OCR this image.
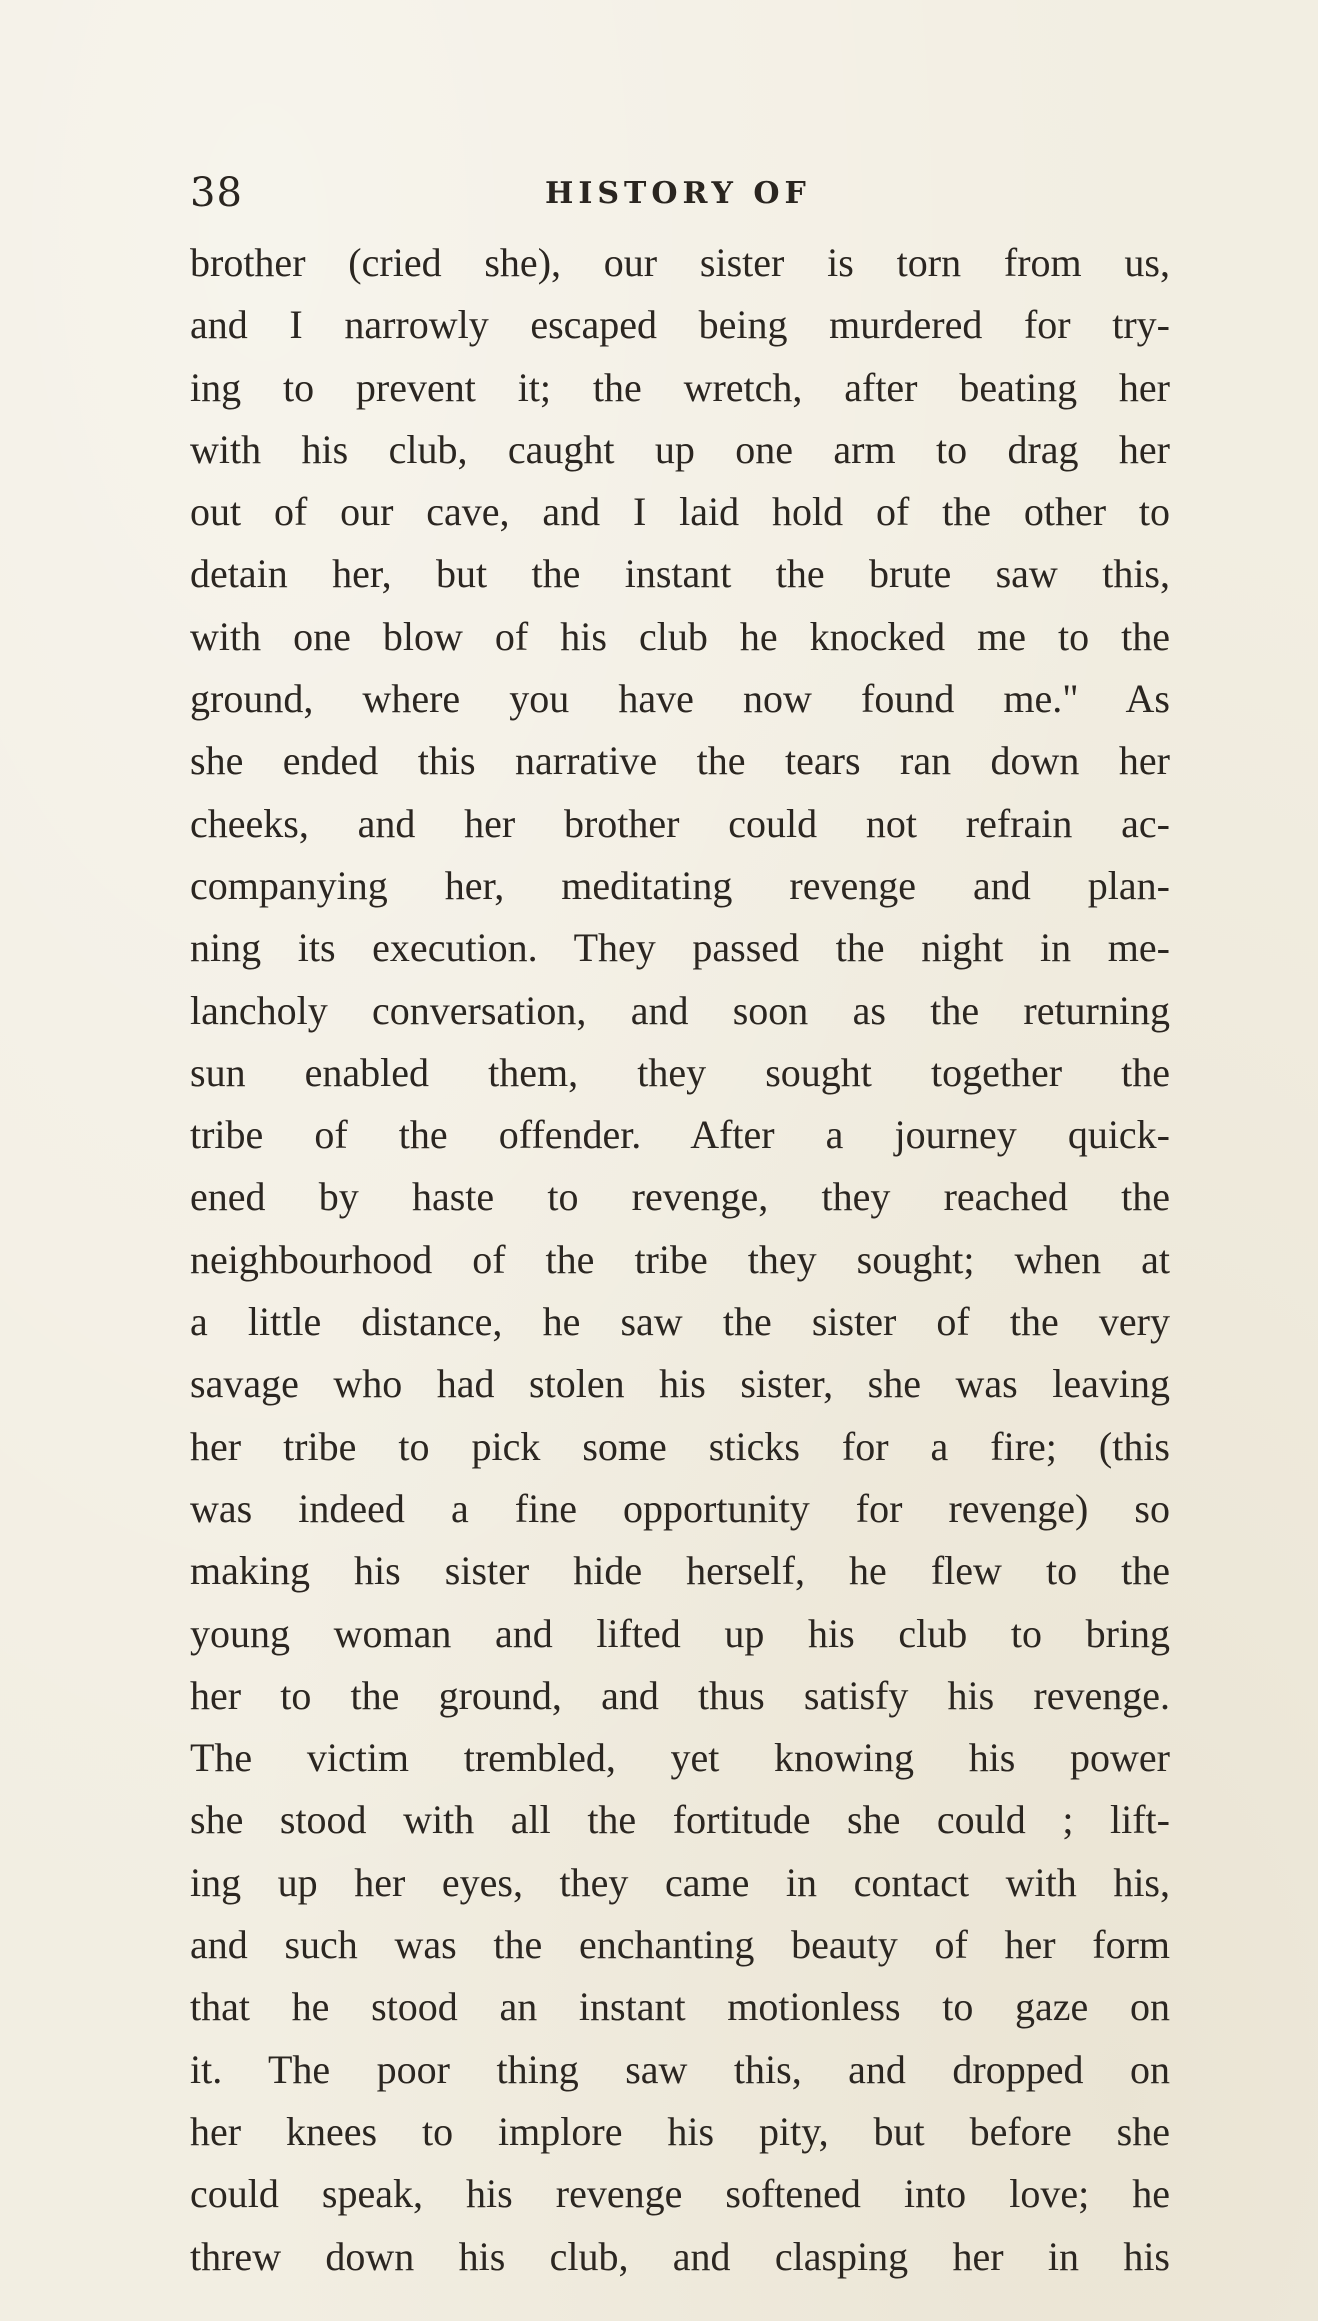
38	HISTORY OF
brother (cried she), our sister is torn from us,
and I narrowly escaped being murdered for try-
ing to prevent it; the wretch, after beating her
with his club, caught up one arm to drag her
out of our cave, and I laid hold of the other to
detain her, but the instant the brute saw this,
with one blow of his club he knocked me to the
ground, where you have now found me." As
she ended this narrative the tears ran down her
cheeks, and her brother could not refrain ac-
companying her, meditating revenge and plan-
ning its execution. They passed the night in me-
lancholy conversation, and soon as the returning
sun enabled them, they sought together the
tribe of the offender. After a journey quick-
ened by haste to revenge, they reached the
neighbourhood of the tribe they sought; when at
a little distance, he saw the sister of the very
savage who had stolen his sister, she was leaving
her tribe to pick some sticks for a fire; (this
was indeed a fine opportunity for revenge) so
making his sister hide herself, he flew to the
young woman and lifted up his club to bring
her to the ground, and thus satisfy his revenge.
The victim trembled, yet knowing his power
she stood with all the fortitude she could ; lift-
ing up her eyes, they came in contact with his,
and such was the enchanting beauty of her form
that he stood an instant motionless to gaze on
it. The poor thing saw this, and dropped on
her knees to implore his pity, but before she
could speak, his revenge softened into love; he
threw down his club, and clasping her in his
